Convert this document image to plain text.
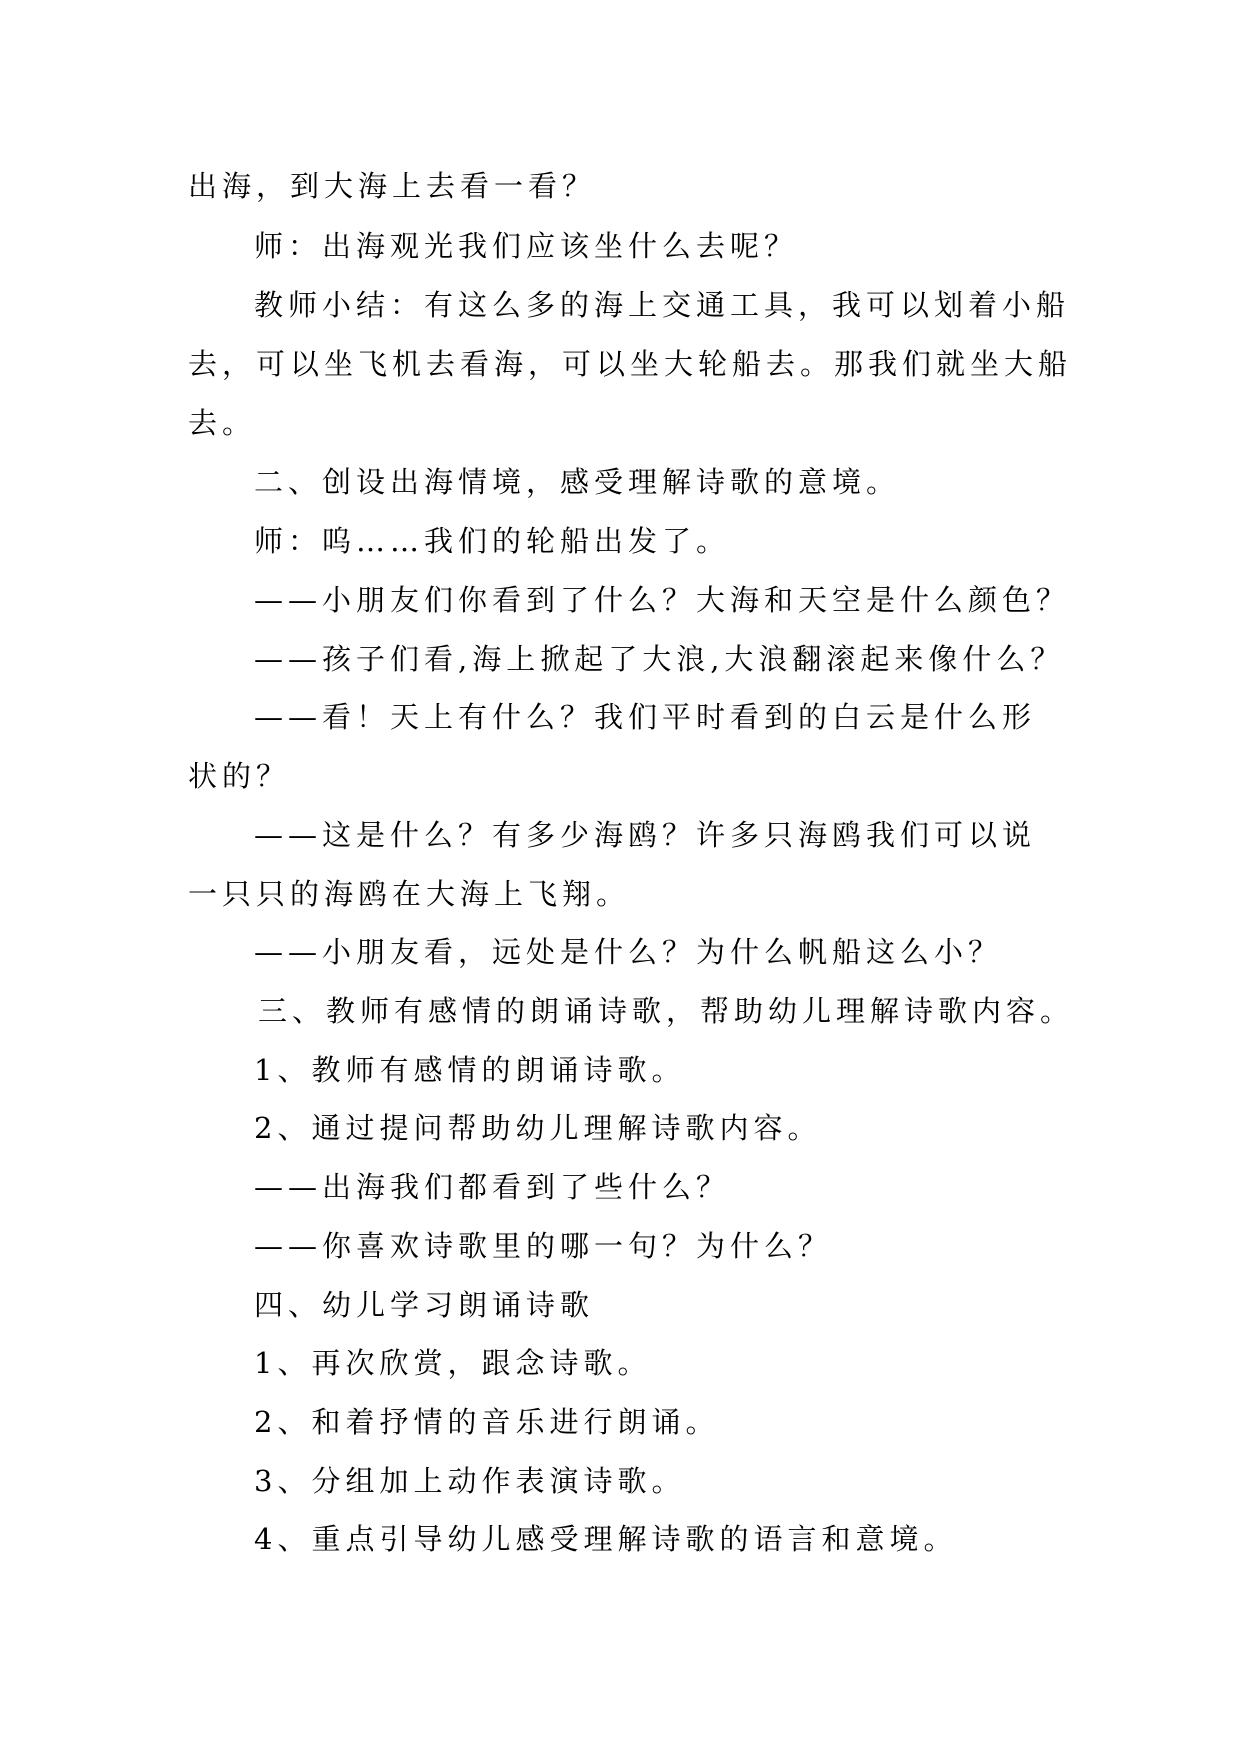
出海，到大海上去看一看？
师：出海观光我们应该坐什么去呢？
教师小结：有这么多的海上交通工具，我可以划着小船
去，可以坐飞机去看海，可以坐大轮船去。那我们就坐大船
去。
二、创设出海情境，感受理解诗歌的意境。
师：呜……我们的轮船出发了。
——小朋友们你看到了什么？大海和天空是什么颜色？
——孩子们看,海上掀起了大浪,大浪翻滚起来像什么？
——看！天上有什么？我们平时看到的白云是什么形
状的？
——这是什么？有多少海鸥？许多只海鸥我们可以说
一只只的海鸥在大海上飞翔。
——小朋友看，远处是什么？为什么帆船这么小？
三、教师有感情的朗诵诗歌，帮助幼儿理解诗歌内容。
1、教师有感情的朗诵诗歌。
2、通过提问帮助幼儿理解诗歌内容。
——出海我们都看到了些什么？
——你喜欢诗歌里的哪一句？为什么？
四、幼儿学习朗诵诗歌
1、再次欣赏，跟念诗歌。
2、和着抒情的音乐进行朗诵。
3、分组加上动作表演诗歌。
4、重点引导幼儿感受理解诗歌的语言和意境。
